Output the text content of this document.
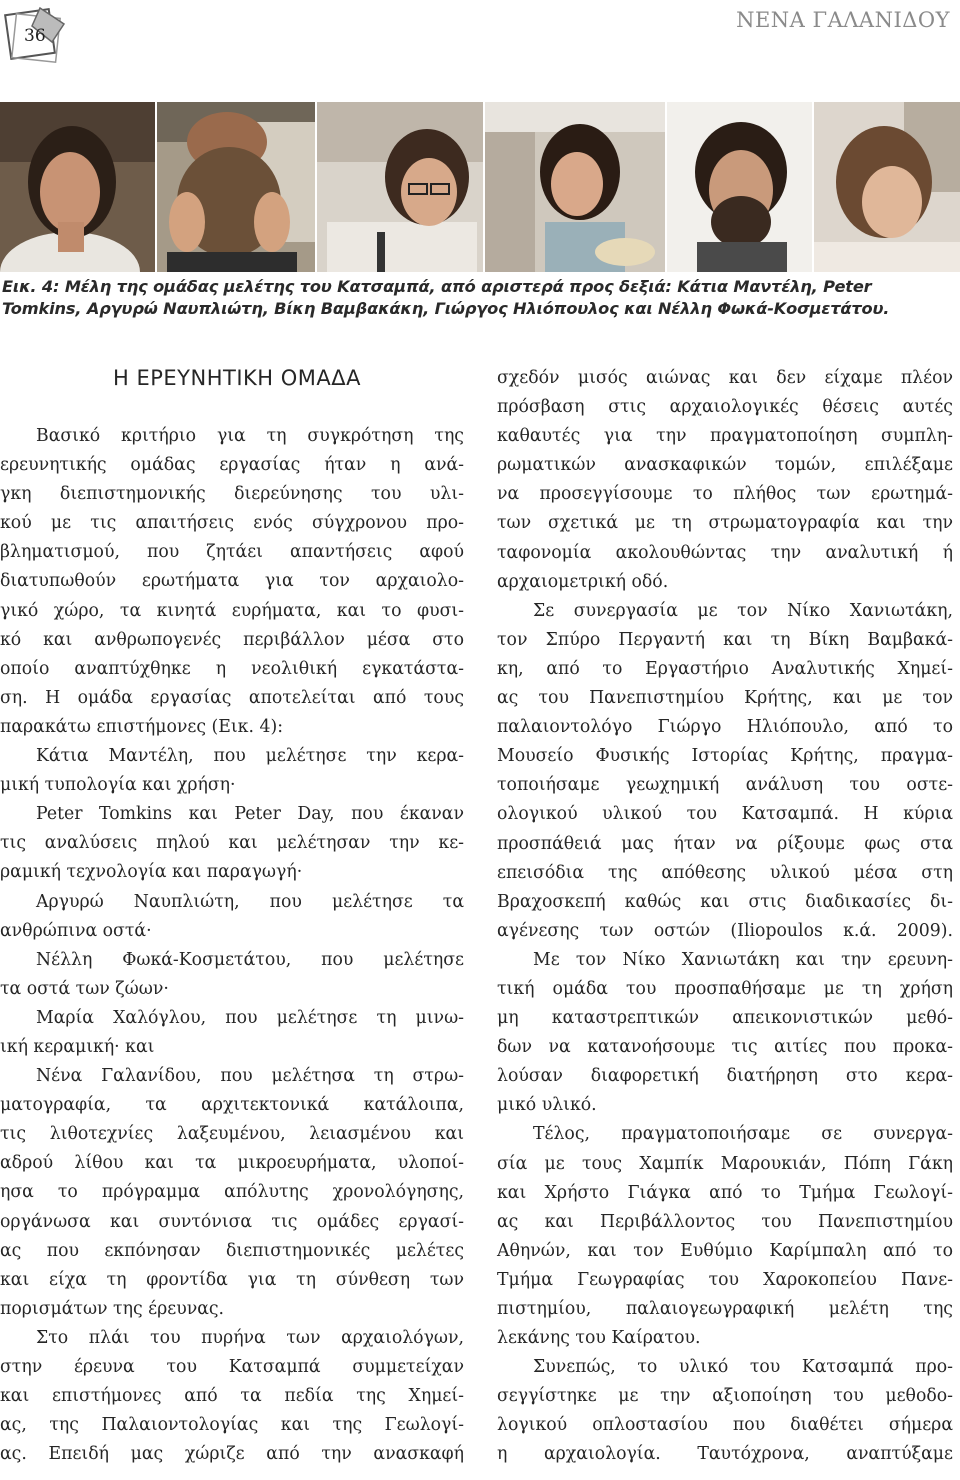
36
ΝΕΝΑ ΓΑΛΑΝΙΔΟΥ
Εικ. 4: Μέλη της ομάδας μελέτης του Κατσαμπά, από αριστερά προς δεξιά: Κάτια Μαντέλη, Peter
Tomkins, Αργυρώ Ναυπλιώτη, Βίκη Βαμβακάκη, Γιώργος Ηλιόπουλος και Νέλλη Φωκά-Κοσμετάτου.
Η ΕΡΕΥΝΗΤΙΚΗ ΟΜΑΔΑ
Βασικό κριτήριο για τη συγκρότηση της
ερευνητικής ομάδας εργασίας ήταν η ανά-
γκη διεπιστημονικής διερεύνησης του υλι-
κού με τις απαιτήσεις ενός σύγχρονου προ-
βληματισμού, που ζητάει απαντήσεις αφού
διατυπωθούν ερωτήματα για τον αρχαιολο-
γικό χώρο, τα κινητά ευρήματα, και το φυσι-
κό και ανθρωπογενές περιβάλλον μέσα στο
οποίο αναπτύχθηκε η νεολιθική εγκατάστα-
ση. Η ομάδα εργασίας αποτελείται από τους
παρακάτω επιστήμονες (Εικ. 4):
Κάτια Μαντέλη, που μελέτησε την κερα-
μική τυπολογία και χρήση·
Peter Tomkins και Peter Day, που έκαναν
τις αναλύσεις πηλού και μελέτησαν την κε-
ραμική τεχνολογία και παραγωγή·
Αργυρώ Ναυπλιώτη, που μελέτησε τα
ανθρώπινα οστά·
Νέλλη Φωκά-Κοσμετάτου, που μελέτησε
τα οστά των ζώων·
Μαρία Χαλόγλου, που μελέτησε τη μινω-
ική κεραμική· και
Νένα Γαλανίδου, που μελέτησα τη στρω-
ματογραφία, τα αρχιτεκτονικά κατάλοιπα,
τις λιθοτεχνίες λαξευμένου, λειασμένου και
αδρού λίθου και τα μικροευρήματα, υλοποί-
ησα το πρόγραμμα απόλυτης χρονολόγησης,
οργάνωσα και συντόνισα τις ομάδες εργασί-
ας που εκπόνησαν διεπιστημονικές μελέτες
και είχα τη φροντίδα για τη σύνθεση των
πορισμάτων της έρευνας.
Στο πλάι του πυρήνα των αρχαιολόγων,
στην έρευνα του Κατσαμπά συμμετείχαν
και επιστήμονες από τα πεδία της Χημεί-
ας, της Παλαιοντολογίας και της Γεωλογί-
ας. Επειδή μας χώριζε από την ανασκαφή
σχεδόν μισός αιώνας και δεν είχαμε πλέον
πρόσβαση στις αρχαιολογικές θέσεις αυτές
καθαυτές για την πραγματοποίηση συμπλη-
ρωματικών ανασκαφικών τομών, επιλέξαμε
να προσεγγίσουμε το πλήθος των ερωτημά-
των σχετικά με τη στρωματογραφία και την
ταφονομία ακολουθώντας την αναλυτική ή
αρχαιομετρική οδό.
Σε συνεργασία με τον Νίκο Χανιωτάκη,
τον Σπύρο Περγαντή και τη Βίκη Βαμβακά-
κη, από το Εργαστήριο Αναλυτικής Χημεί-
ας του Πανεπιστημίου Κρήτης, και με τον
παλαιοντολόγο Γιώργο Ηλιόπουλο, από το
Μουσείο Φυσικής Ιστορίας Κρήτης, πραγμα-
τοποιήσαμε γεωχημική ανάλυση του οστε-
ολογικού υλικού του Κατσαμπά. Η κύρια
προσπάθειά μας ήταν να ρίξουμε φως στα
επεισόδια της απόθεσης υλικού μέσα στη
Βραχοσκεπή καθώς και στις διαδικασίες δι-
αγένεσης των οστών (Iliopoulos κ.ά. 2009).
Με τον Νίκο Χανιωτάκη και την ερευνη-
τική ομάδα του προσπαθήσαμε με τη χρήση
μη καταστρεπτικών απεικονιστικών μεθό-
δων να κατανοήσουμε τις αιτίες που προκα-
λούσαν διαφορετική διατήρηση στο κερα-
μικό υλικό.
Τέλος, πραγματοποιήσαμε σε συνεργα-
σία με τους Χαμπίκ Μαρουκιάν, Πόπη Γάκη
και Χρήστο Γιάγκα από το Τμήμα Γεωλογί-
ας και Περιβάλλοντος του Πανεπιστημίου
Αθηνών, και τον Ευθύμιο Καρίμπαλη από το
Τμήμα Γεωγραφίας του Χαροκοπείου Πανε-
πιστημίου, παλαιογεωγραφική μελέτη της
λεκάνης του Καίρατου.
Συνεπώς, το υλικό του Κατσαμπά προ-
σεγγίστηκε με την αξιοποίηση του μεθοδο-
λογικού οπλοστασίου που διαθέτει σήμερα
η αρχαιολογία. Ταυτόχρονα, αναπτύξαμε
